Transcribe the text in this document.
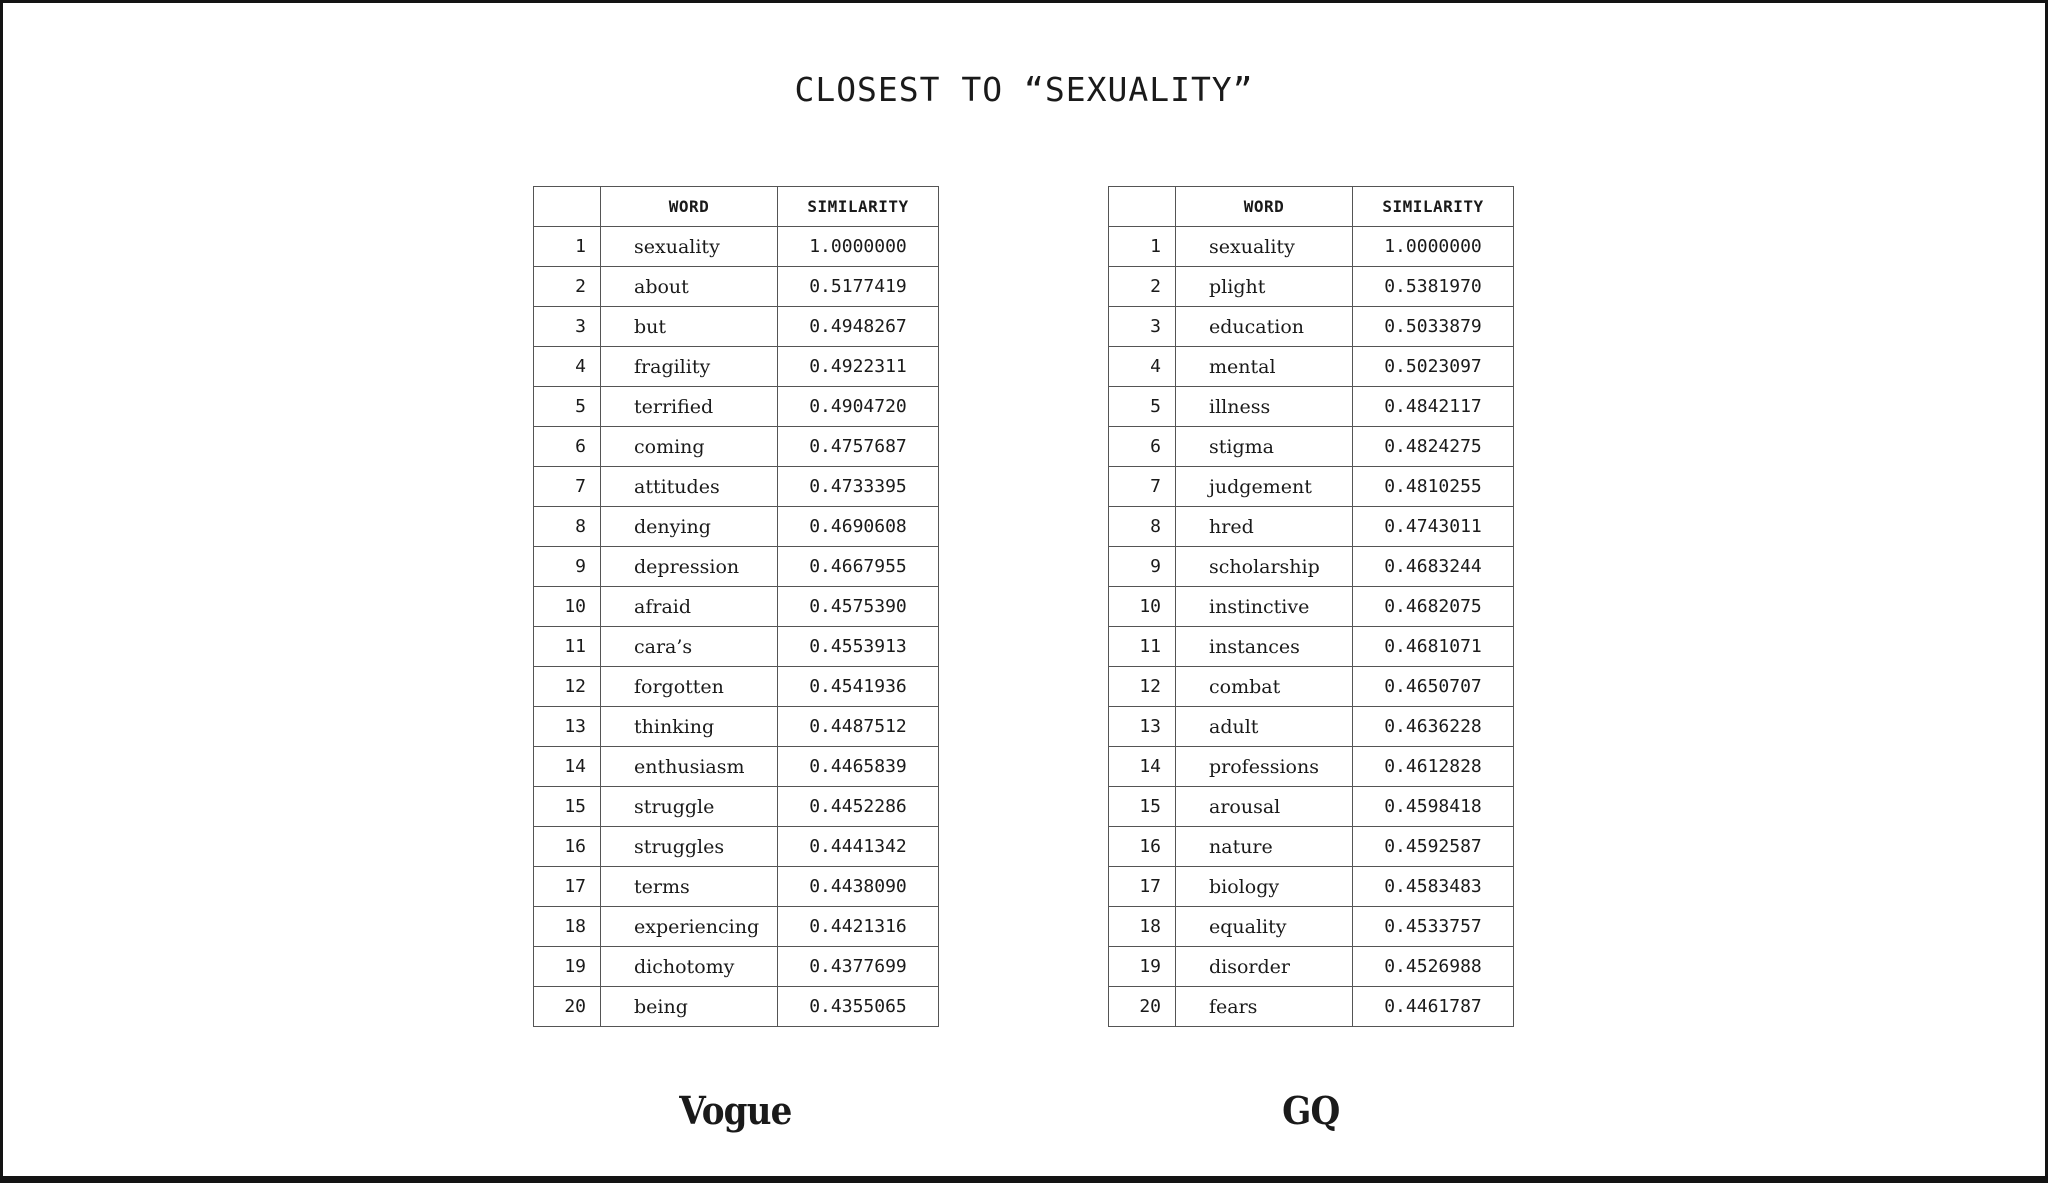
CLOSEST TO “SEXUALITY”
	WORD	SIMILARITY
1	sexuality	1.0000000
2	about	0.5177419
3	but	0.4948267
4	fragility	0.4922311
5	terrified	0.4904720
6	coming	0.4757687
7	attitudes	0.4733395
8	denying	0.4690608
9	depression	0.4667955
10	afraid	0.4575390
11	cara’s	0.4553913
12	forgotten	0.4541936
13	thinking	0.4487512
14	enthusiasm	0.4465839
15	struggle	0.4452286
16	struggles	0.4441342
17	terms	0.4438090
18	experiencing	0.4421316
19	dichotomy	0.4377699
20	being	0.4355065
	WORD	SIMILARITY
1	sexuality	1.0000000
2	plight	0.5381970
3	education	0.5033879
4	mental	0.5023097
5	illness	0.4842117
6	stigma	0.4824275
7	judgement	0.4810255
8	hred	0.4743011
9	scholarship	0.4683244
10	instinctive	0.4682075
11	instances	0.4681071
12	combat	0.4650707
13	adult	0.4636228
14	professions	0.4612828
15	arousal	0.4598418
16	nature	0.4592587
17	biology	0.4583483
18	equality	0.4533757
19	disorder	0.4526988
20	fears	0.4461787
Vogue	GQ
